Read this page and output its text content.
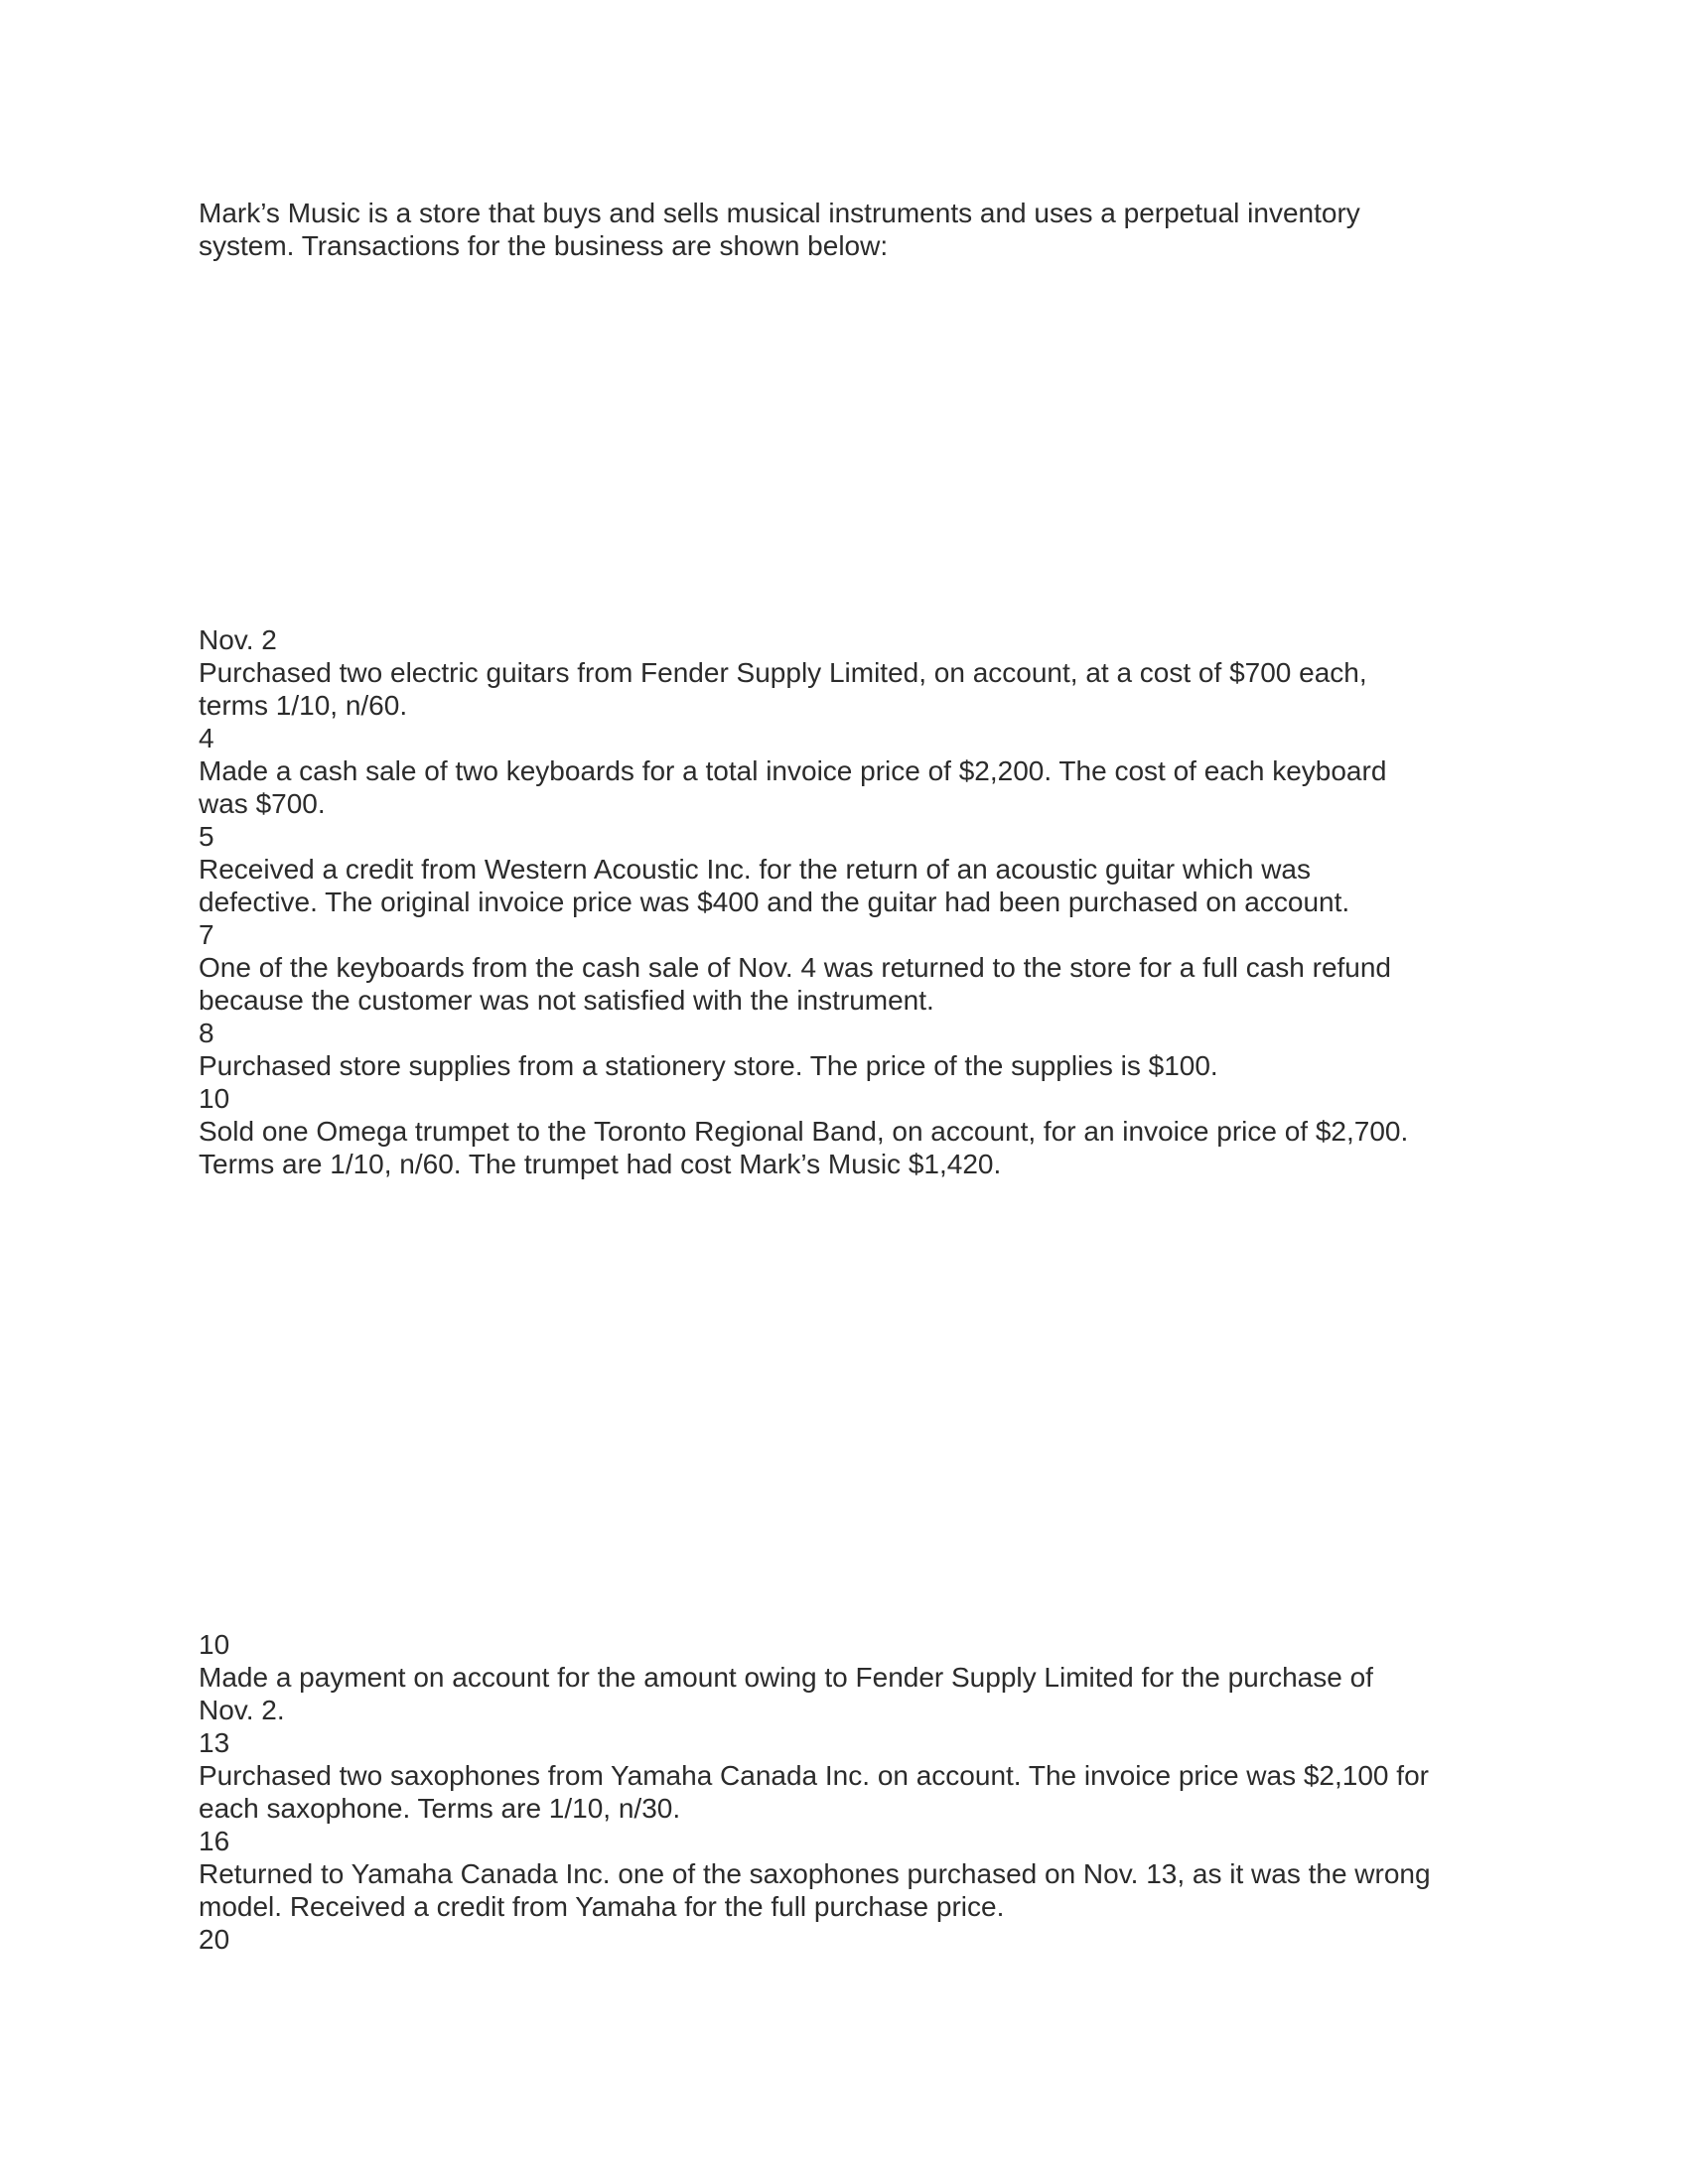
Mark’s Music is a store that buys and sells musical instruments and uses a perpetual inventory

system. Transactions for the business are shown below:

Nov. 2

Purchased two electric guitars from Fender Supply Limited, on account, at a cost of $700 each,

terms 1/10, n/60.

4

Made a cash sale of two keyboards for a total invoice price of $2,200. The cost of each keyboard

was $700.

5

Received a credit from Western Acoustic Inc. for the return of an acoustic guitar which was

defective. The original invoice price was $400 and the guitar had been purchased on account.

7

One of the keyboards from the cash sale of Nov. 4 was returned to the store for a full cash refund

because the customer was not satisfied with the instrument.

8

Purchased store supplies from a stationery store. The price of the supplies is $100.

10

Sold one Omega trumpet to the Toronto Regional Band, on account, for an invoice price of $2,700.

Terms are 1/10, n/60. The trumpet had cost Mark’s Music $1,420.

10

Made a payment on account for the amount owing to Fender Supply Limited for the purchase of

Nov. 2.

13

Purchased two saxophones from Yamaha Canada Inc. on account. The invoice price was $2,100 for

each saxophone. Terms are 1/10, n/30.

16

Returned to Yamaha Canada Inc. one of the saxophones purchased on Nov. 13, as it was the wrong

model. Received a credit from Yamaha for the full purchase price.

20
